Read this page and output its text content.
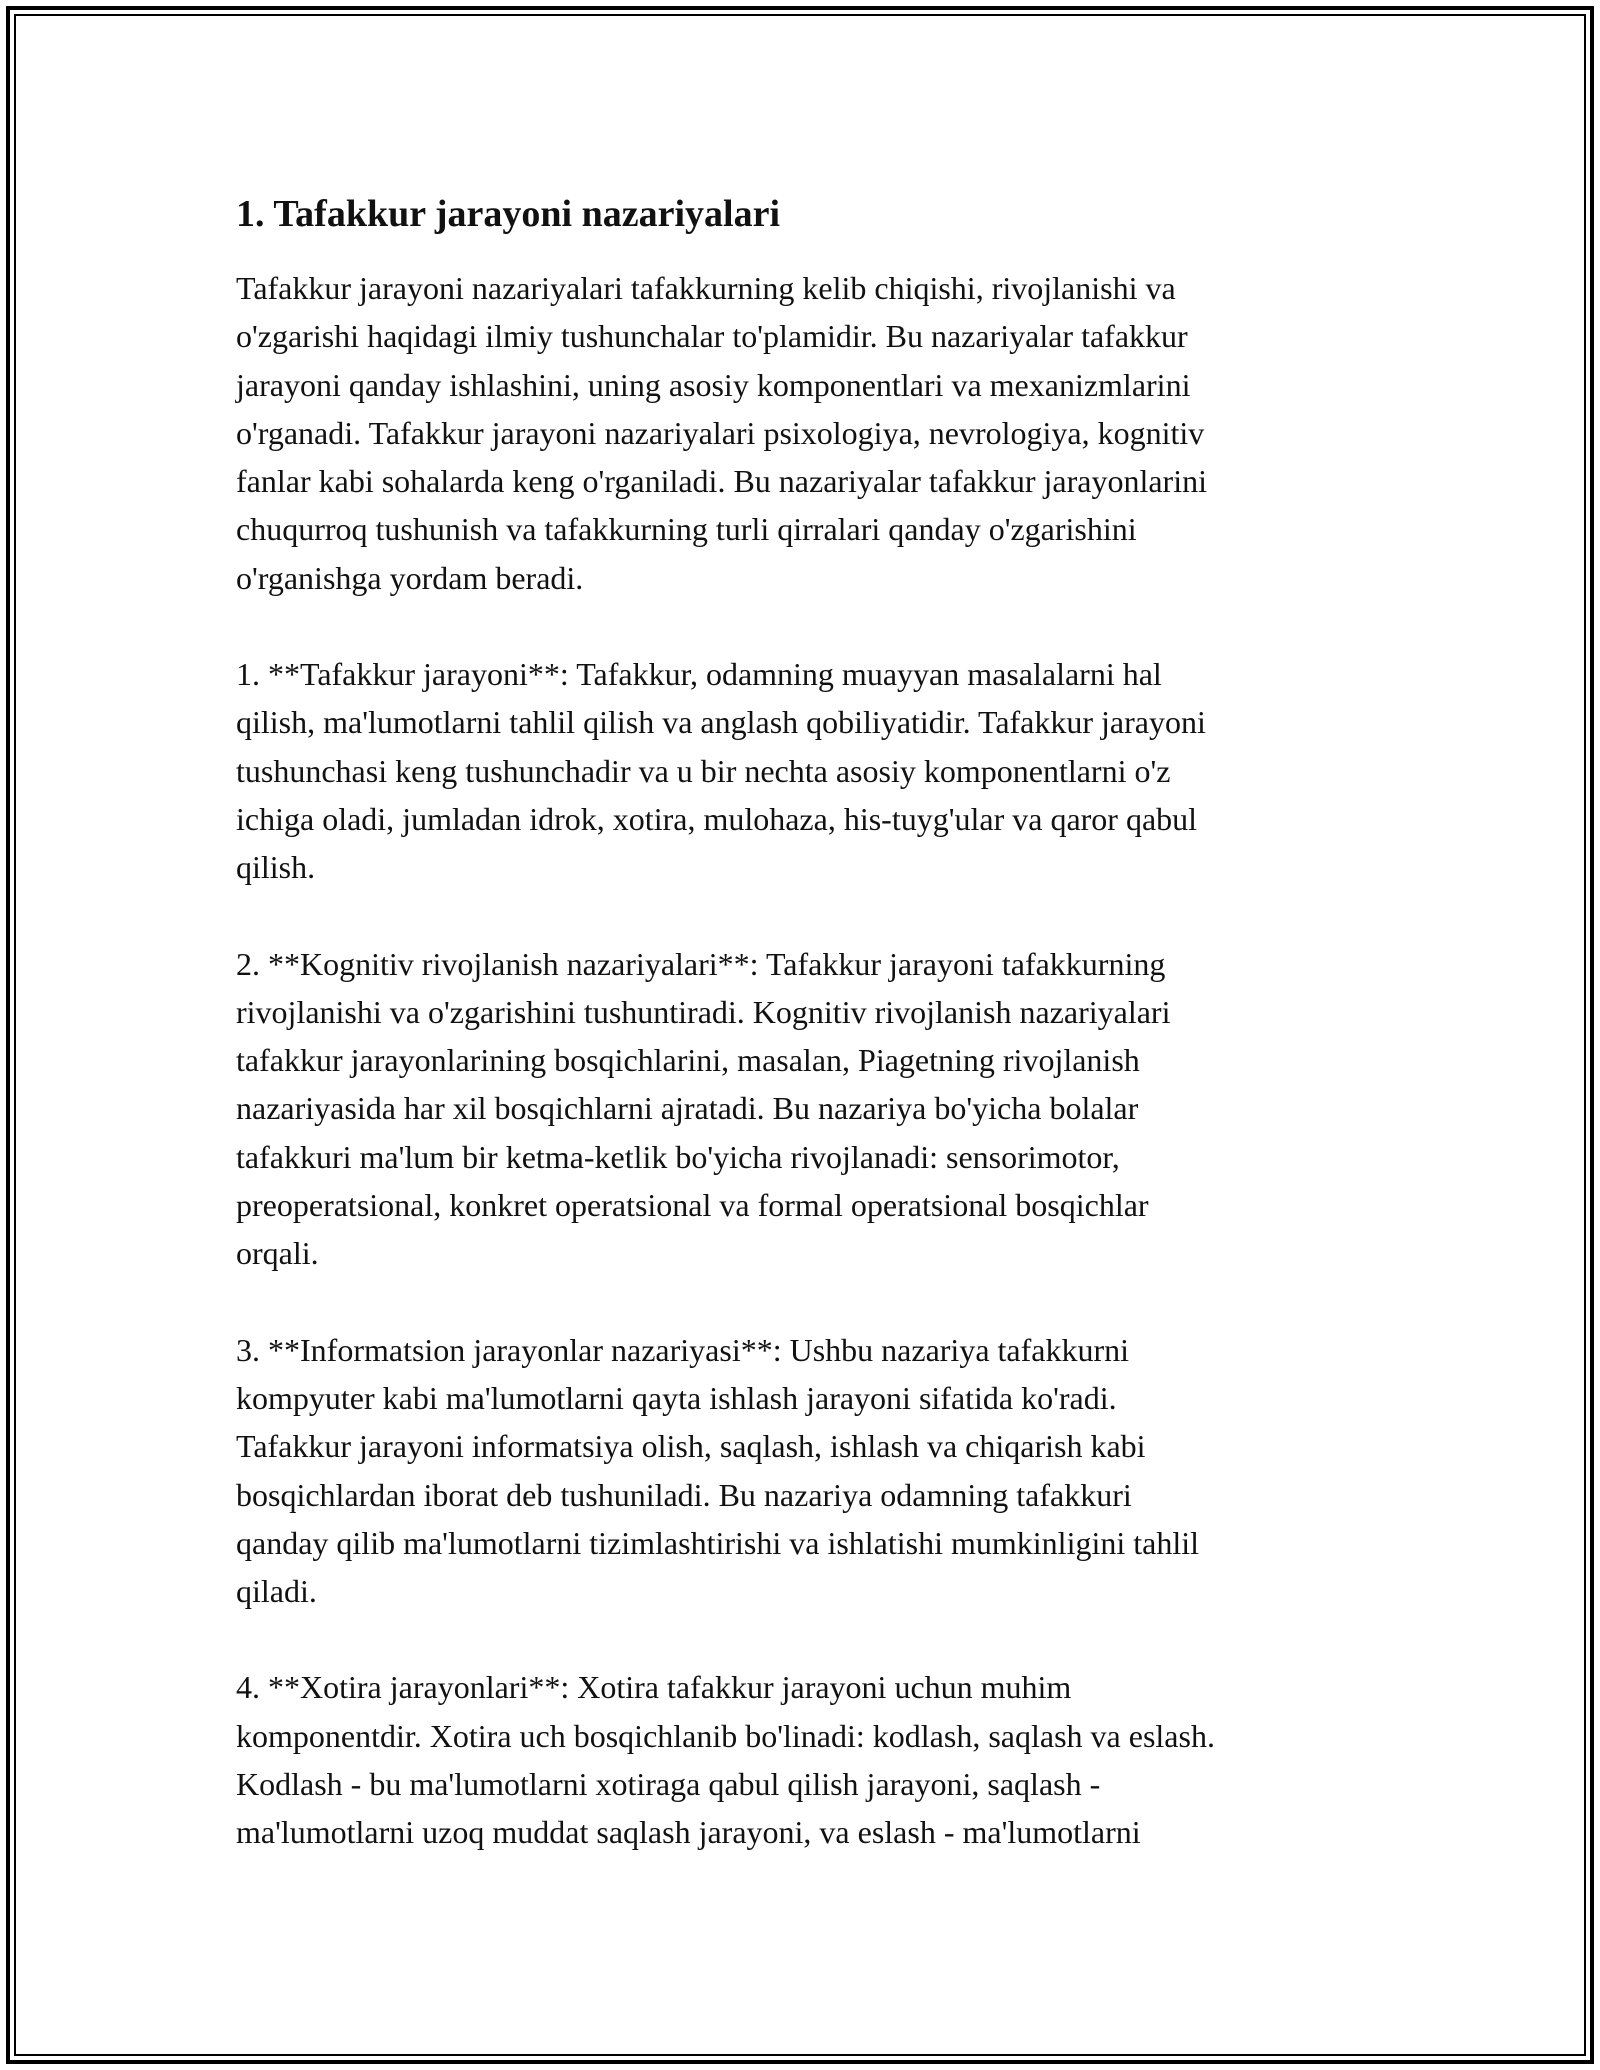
1. Tafakkur jarayoni nazariyalari

Tafakkur jarayoni nazariyalari tafakkurning kelib chiqishi, rivojlanishi va
o'zgarishi haqidagi ilmiy tushunchalar to'plamidir. Bu nazariyalar tafakkur
jarayoni qanday ishlashini, uning asosiy komponentlari va mexanizmlarini
o'rganadi. Tafakkur jarayoni nazariyalari psixologiya, nevrologiya, kognitiv
fanlar kabi sohalarda keng o'rganiladi. Bu nazariyalar tafakkur jarayonlarini
chuqurroq tushunish va tafakkurning turli qirralari qanday o'zgarishini
o'rganishga yordam beradi.

1. **Tafakkur jarayoni**: Tafakkur, odamning muayyan masalalarni hal
qilish, ma'lumotlarni tahlil qilish va anglash qobiliyatidir. Tafakkur jarayoni
tushunchasi keng tushunchadir va u bir nechta asosiy komponentlarni o'z
ichiga oladi, jumladan idrok, xotira, mulohaza, his-tuyg'ular va qaror qabul
qilish.

2. **Kognitiv rivojlanish nazariyalari**: Tafakkur jarayoni tafakkurning
rivojlanishi va o'zgarishini tushuntiradi. Kognitiv rivojlanish nazariyalari
tafakkur jarayonlarining bosqichlarini, masalan, Piagetning rivojlanish
nazariyasida har xil bosqichlarni ajratadi. Bu nazariya bo'yicha bolalar
tafakkuri ma'lum bir ketma-ketlik bo'yicha rivojlanadi: sensorimotor,
preoperatsional, konkret operatsional va formal operatsional bosqichlar
orqali.

3. **Informatsion jarayonlar nazariyasi**: Ushbu nazariya tafakkurni
kompyuter kabi ma'lumotlarni qayta ishlash jarayoni sifatida ko'radi.
Tafakkur jarayoni informatsiya olish, saqlash, ishlash va chiqarish kabi
bosqichlardan iborat deb tushuniladi. Bu nazariya odamning tafakkuri
qanday qilib ma'lumotlarni tizimlashtirishi va ishlatishi mumkinligini tahlil
qiladi.

4. **Xotira jarayonlari**: Xotira tafakkur jarayoni uchun muhim
komponentdir. Xotira uch bosqichlanib bo'linadi: kodlash, saqlash va eslash.
Kodlash - bu ma'lumotlarni xotiraga qabul qilish jarayoni, saqlash -
ma'lumotlarni uzoq muddat saqlash jarayoni, va eslash - ma'lumotlarni
